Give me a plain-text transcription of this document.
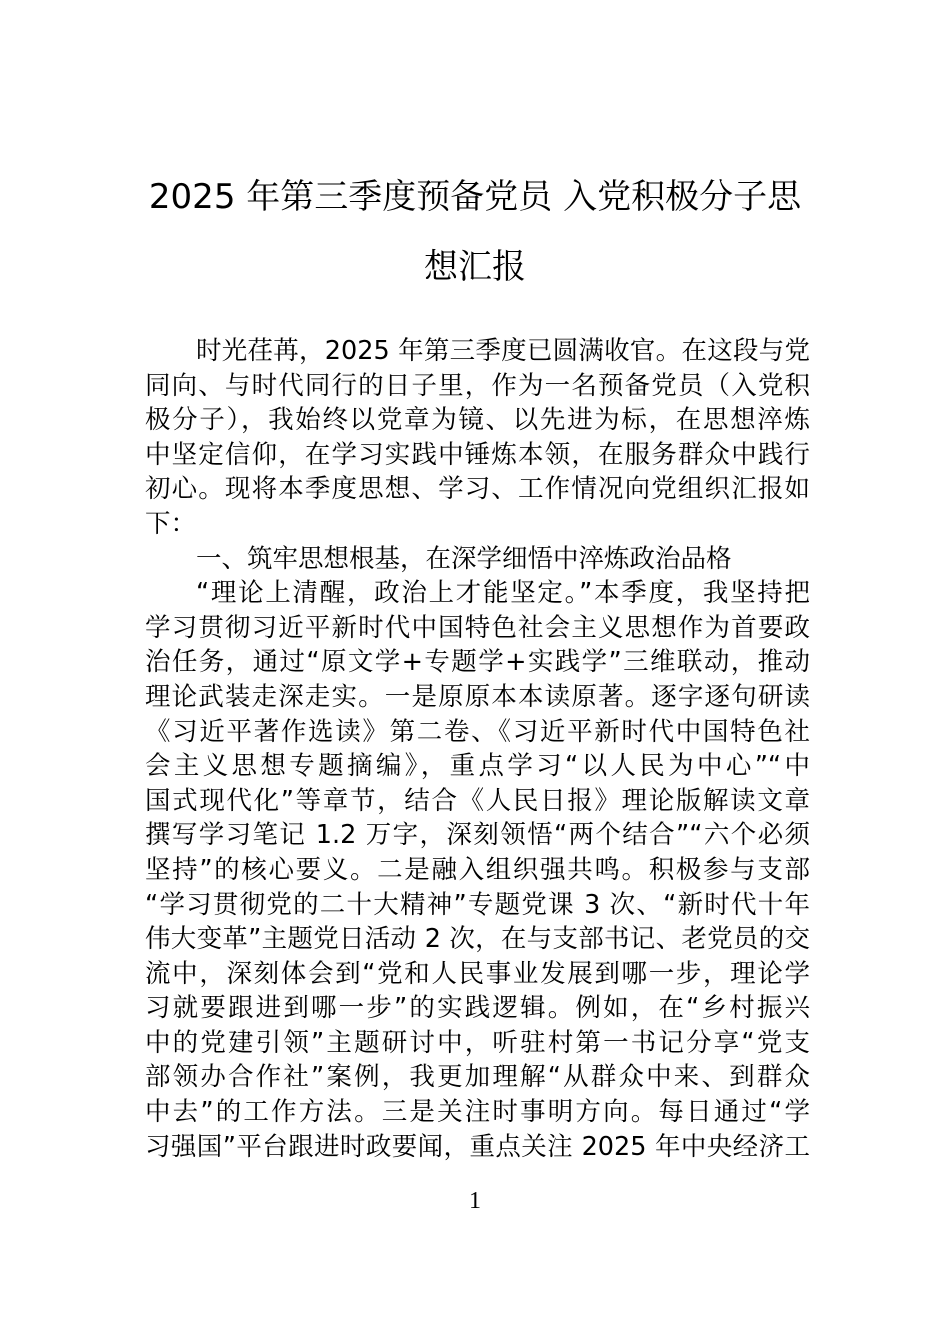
2025 年第三季度预备党员 入党积极分子思
想汇报
时光荏苒，2025 年第三季度已圆满收官。在这段与党
同向、与时代同行的日子里，作为一名预备党员（入党积
极分子），我始终以党章为镜、以先进为标，在思想淬炼
中坚定信仰，在学习实践中锤炼本领，在服务群众中践行
初心。现将本季度思想、学习、工作情况向党组织汇报如
下：
一、筑牢思想根基，在深学细悟中淬炼政治品格
“理论上清醒，政治上才能坚定。”本季度，我坚持把
学习贯彻习近平新时代中国特色社会主义思想作为首要政
治任务，通过“原文学+专题学+实践学”三维联动，推动
理论武装走深走实。一是原原本本读原著。逐字逐句研读
《习近平著作选读》第二卷、《习近平新时代中国特色社
会主义思想专题摘编》，重点学习“以人民为中心”“中
国式现代化”等章节，结合《人民日报》理论版解读文章
撰写学习笔记 1.2 万字，深刻领悟“两个结合”“六个必须
坚持”的核心要义。二是融入组织强共鸣。积极参与支部
“学习贯彻党的二十大精神”专题党课 3 次、“新时代十年
伟大变革”主题党日活动 2 次，在与支部书记、老党员的交
流中，深刻体会到“党和人民事业发展到哪一步，理论学
习就要跟进到哪一步”的实践逻辑。例如，在“乡村振兴
中的党建引领”主题研讨中，听驻村第一书记分享“党支
部领办合作社”案例，我更加理解“从群众中来、到群众
中去”的工作方法。三是关注时事明方向。每日通过“学
习强国”平台跟进时政要闻，重点关注 2025 年中央经济工
1
